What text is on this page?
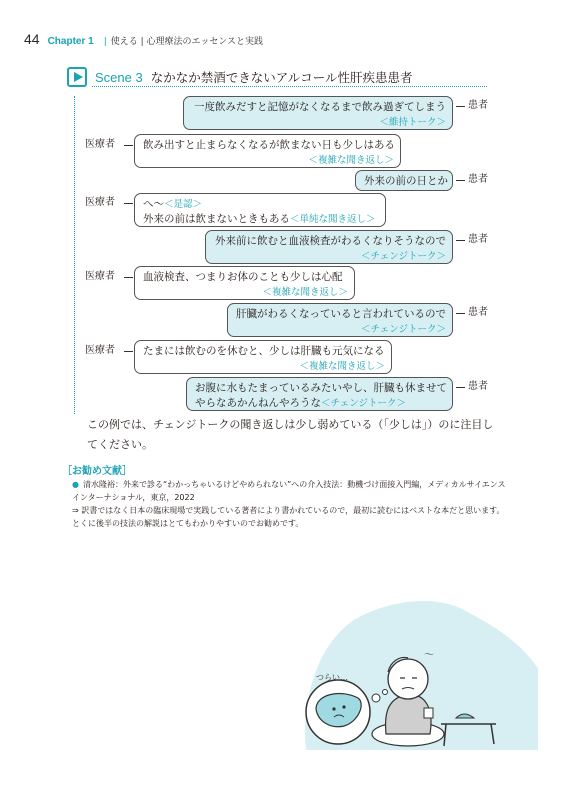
44 Chapter 1 | 使える | 心理療法のエッセンスと実践
Scene 3 なかなか禁酒できないアルコール性肝疾患患者
一度飲みだすと記憶がなくなるまで飲み過ぎてしまう
＜維持トーク＞
患者
医療者	飲み出すと止まらなくなるが飲まない日も少しはある
＜複雑な聞き返し＞
外来の前の日とか 患者
医療者	へ～＜是認＞
外来の前は飲まないときもある＜単純な聞き返し＞
外来前に飲むと血液検査がわるくなりそうなので
＜チェンジトーク＞
患者
医療者	血液検査、つまりお体のことも少しは心配
＜複雑な聞き返し＞
肝臓がわるくなっていると言われているので
＜チェンジトーク＞
患者
医療者	たまには飲むのを休むと、少しは肝臓も元気になる
＜複雑な聞き返し＞
お腹に水もたまっているみたいやし、肝臓も休ませて
やらなあかんねんやろうな＜チェンジトーク＞
患者
この例では、チェンジトークの聞き返しは少し弱めている（「少しは」）のに注目してください。
［お勧め文献］
● 清水隆裕：外来で診る“わかっちゃいるけどやめられない”への介入技法：動機づけ面接入門編，メディカルサイエンスインターナショナル，東京，2022
⇒ 訳書ではなく日本の臨床現場で実践している著者により書かれているので，最初に読むにはベストな本だと思います。とくに後半の技法の解説はとてもわかりやすいのでお勧めです。
つらい…
〜
